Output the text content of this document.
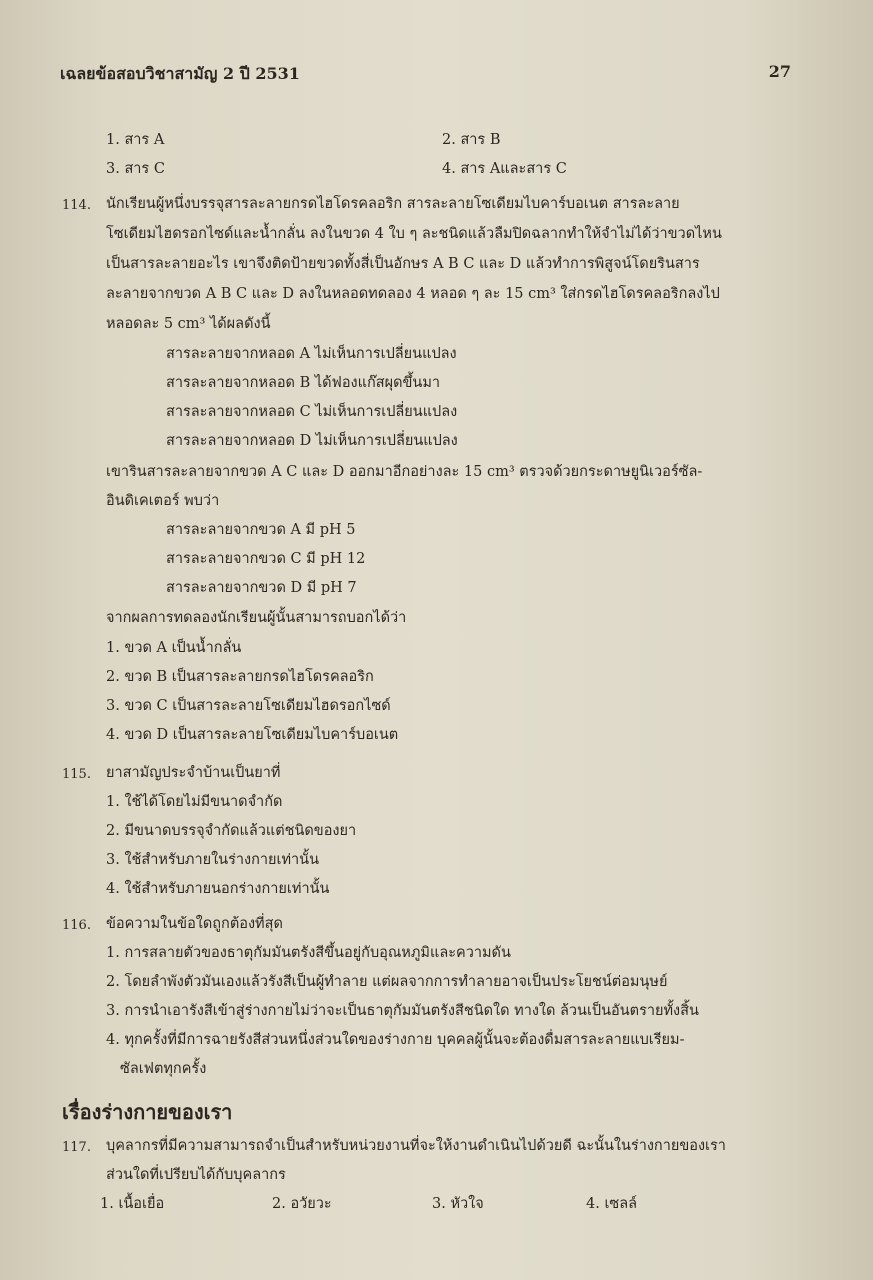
เฉลยข้อสอบวิชาสามัญ 2 ปี 2531	27
1. สาร A	2. สาร B
3. สาร C	4. สาร Aและสาร C
114. นักเรียนผู้หนึ่งบรรจุสารละลายกรดไฮโดรคลอริก สารละลายโซเดียมไบคาร์บอเนต สารละลาย
โซเดียมไฮดรอกไซด์และน้ำกลั่น ลงในขวด 4 ใบ ๆ ละชนิดแล้วลืมปิดฉลากทำให้จำไม่ได้ว่าขวดไหน
เป็นสารละลายอะไร เขาจึงติดป้ายขวดทั้งสี่เป็นอักษร A B C และ D แล้วทำการพิสูจน์โดยรินสาร
ละลายจากขวด A B C และ D ลงในหลอดทดลอง 4 หลอด ๆ ละ 15 cm³ ใส่กรดไฮโดรคลอริกลงไป
หลอดละ 5 cm³ ได้ผลดังนี้
สารละลายจากหลอด A ไม่เห็นการเปลี่ยนแปลง
สารละลายจากหลอด B ได้ฟองแก๊สผุดขึ้นมา
สารละลายจากหลอด C ไม่เห็นการเปลี่ยนแปลง
สารละลายจากหลอด D ไม่เห็นการเปลี่ยนแปลง
เขารินสารละลายจากขวด A C และ D ออกมาอีกอย่างละ 15 cm³ ตรวจด้วยกระดาษยูนิเวอร์ซัล-
อินดิเคเตอร์ พบว่า
สารละลายจากขวด A มี pH 5
สารละลายจากขวด C มี pH 12
สารละลายจากขวด D มี pH 7
จากผลการทดลองนักเรียนผู้นั้นสามารถบอกได้ว่า
1. ขวด A เป็นน้ำกลั่น
2. ขวด B เป็นสารละลายกรดไฮโดรคลอริก
3. ขวด C เป็นสารละลายโซเดียมไฮดรอกไซด์
4. ขวด D เป็นสารละลายโซเดียมไบคาร์บอเนต
115. ยาสามัญประจำบ้านเป็นยาที่
1. ใช้ได้โดยไม่มีขนาดจำกัด
2. มีขนาดบรรจุจำกัดแล้วแต่ชนิดของยา
3. ใช้สำหรับภายในร่างกายเท่านั้น
4. ใช้สำหรับภายนอกร่างกายเท่านั้น
116. ข้อความในข้อใดถูกต้องที่สุด
1. การสลายตัวของธาตุกัมมันตรังสีขึ้นอยู่กับอุณหภูมิและความดัน
2. โดยลำพังตัวมันเองแล้วรังสีเป็นผู้ทำลาย แต่ผลจากการทำลายอาจเป็นประโยชน์ต่อมนุษย์
3. การนำเอารังสีเข้าสู่ร่างกายไม่ว่าจะเป็นธาตุกัมมันตรังสีชนิดใด ทางใด ล้วนเป็นอันตรายทั้งสิ้น
4. ทุกครั้งที่มีการฉายรังสีส่วนหนึ่งส่วนใดของร่างกาย บุคคลผู้นั้นจะต้องดื่มสารละลายแบเรียม-
ซัลเฟตทุกครั้ง
117. บุคลากรที่มีความสามารถจำเป็นสำหรับหน่วยงานที่จะให้งานดำเนินไปด้วยดี ฉะนั้นในร่างกายของเรา
ส่วนใดที่เปรียบได้กับบุคลากร
1. เนื้อเยื่อ	2. อวัยวะ	3. หัวใจ	4. เซลล์
เรื่องร่างกายของเรา
